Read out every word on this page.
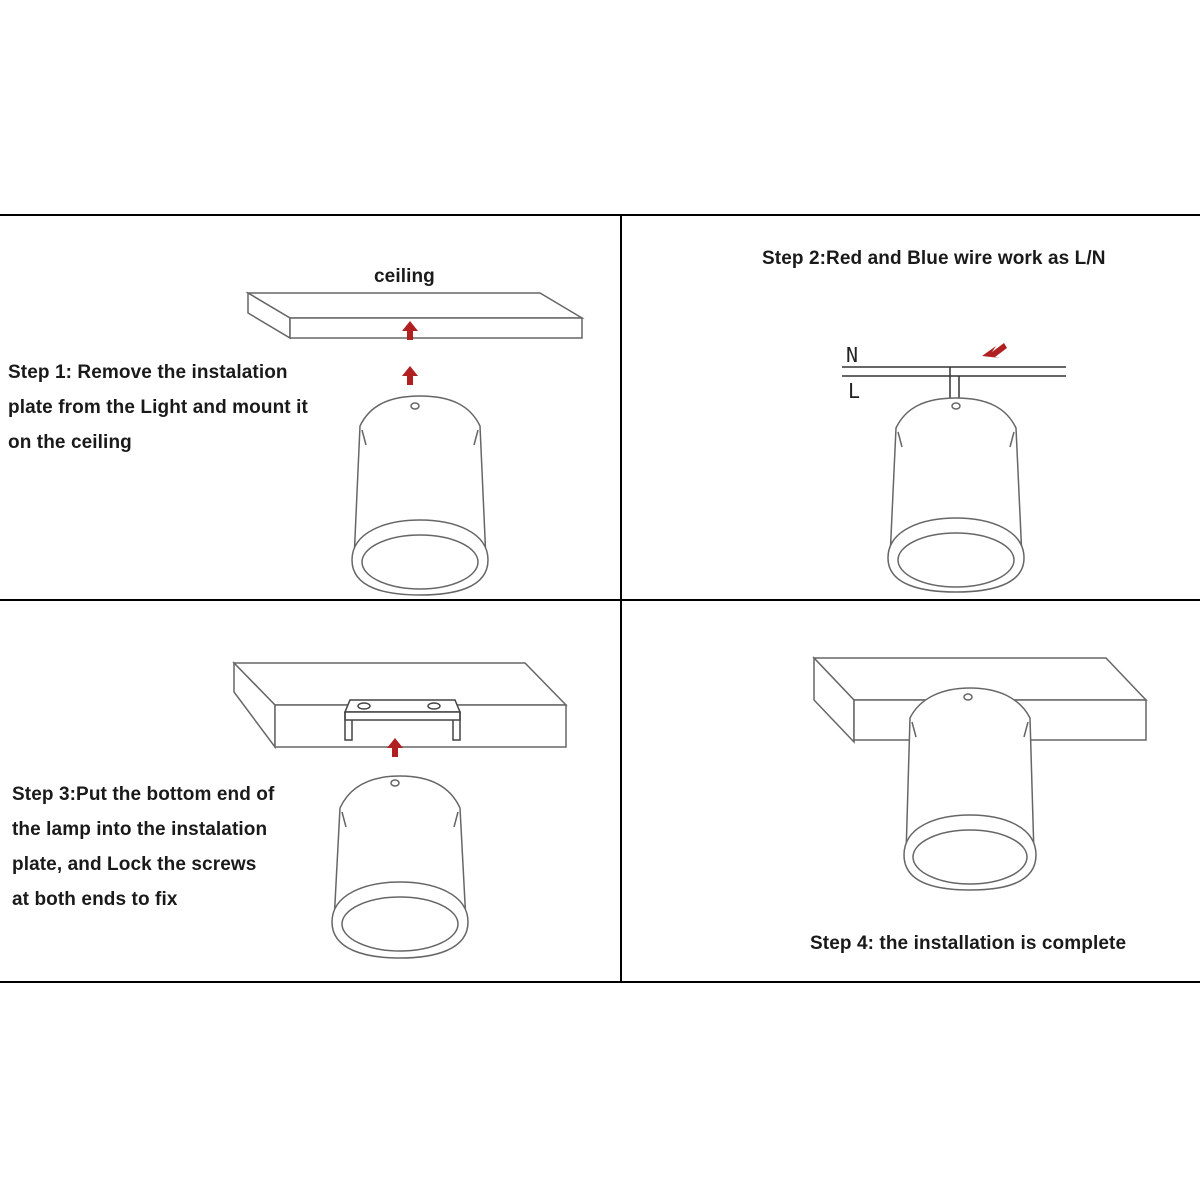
ceiling
Step 1: Remove the instalation
plate from the Light and mount it
on the ceiling
Step 2:Red and Blue wire work as L/N
N
L
Step 3:Put the bottom end of
the lamp into the instalation
plate, and Lock the screws
at both ends to fix
Step 4: the installation is complete
